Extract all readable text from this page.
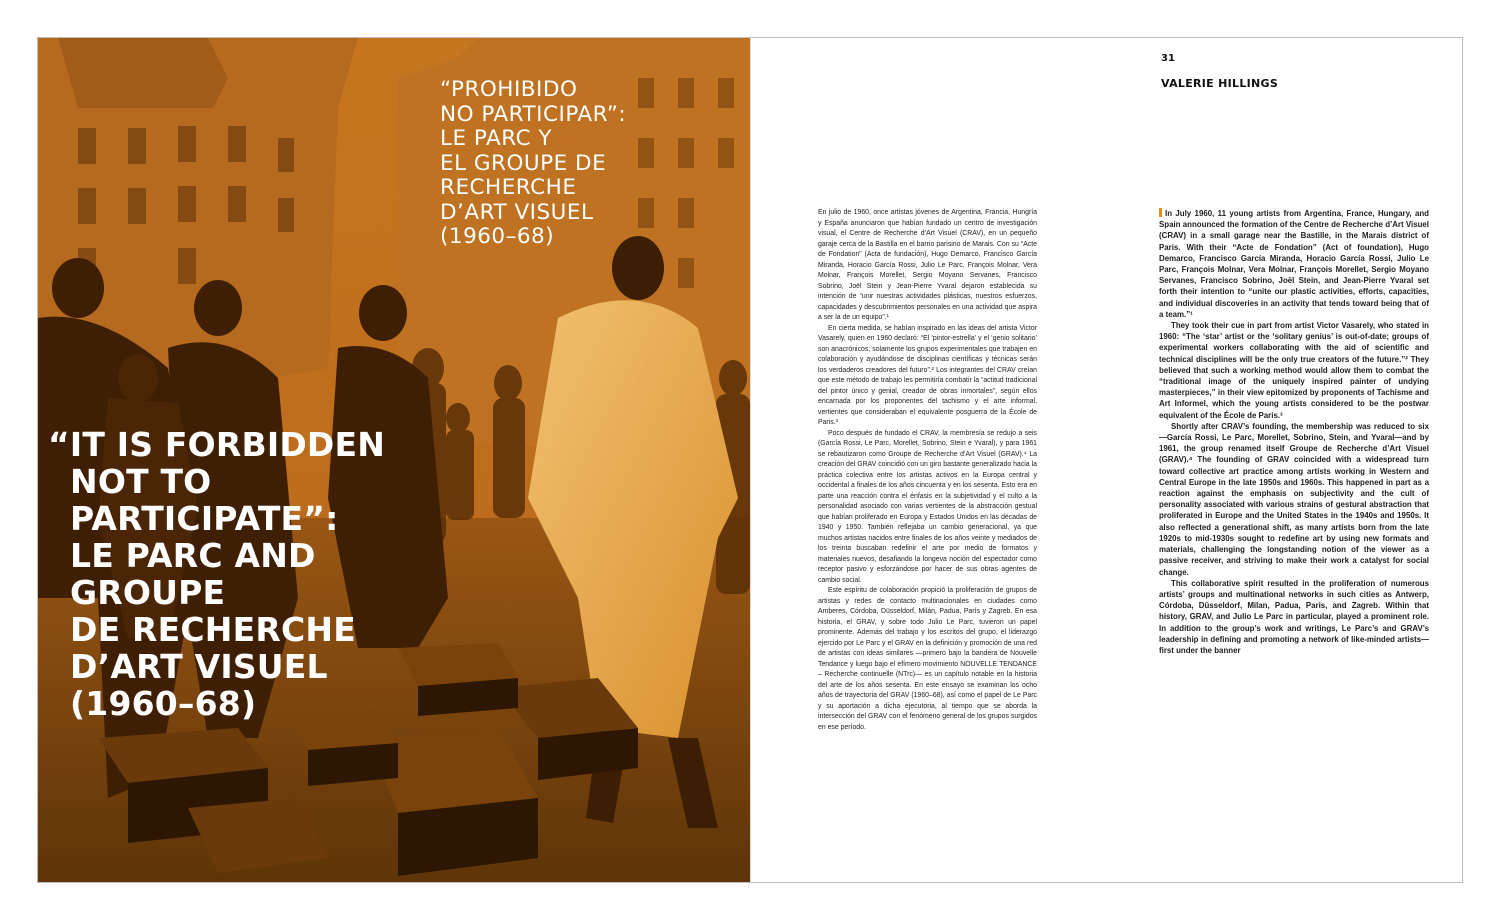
“PROHIBIDO
NO PARTICIPAR”:
LE PARC Y
EL GROUPE DE
RECHERCHE
D’ART VISUEL
(1960–68)
“IT IS FORBIDDEN
NOT TO
PARTICIPATE”:
LE PARC AND
GROUPE
DE RECHERCHE
D’ART VISUEL
(1960–68)
31
VALERIE HILLINGS

En julio de 1960, once artistas jóvenes de Argentina, Francia, Hungría y España anunciaron que habían fundado un centro de investigación visual, el Centre de Recherche d’Art Visuel (CRAV), en un pequeño garaje cerca de la Bastilla en el barrio parisino de Marais. Con su “Acte de Fondation” (Acta de fundación), Hugo Demarco, Francisco García Miranda, Horacio García Rossi, Julio Le Parc, François Molnar, Vera Molnar, François Morellet, Sergio Moyano Servanes, Francisco Sobrino, Joël Stein y Jean-Pierre Yvaral dejaron establecida su intención de “unir nuestras actividades plásticas, nuestros esfuerzos, capacidades y descubrimientos personales en una actividad que aspira a ser la de un equipo”.¹

En cierta medida, se habían inspirado en las ideas del artista Victor Vasarely, quien en 1960 declaró: “El ‘pintor-estrella’ y el ‘genio solitario’ son anacrónicos; solamente los grupos experimentales que trabajen en colaboración y ayudándose de disciplinas científicas y técnicas serán los verdaderos creadores del futuro”.² Los integrantes del CRAV creían que este método de trabajo les permitiría combatir la “actitud tradicional del pintor único y genial, creador de obras inmortales”, según ellos encarnada por los proponentes del tachismo y el arte informal, vertientes que consideraban el equivalente posguerra de la École de Paris.³

Poco después de fundado el CRAV, la membresía se redujo a seis (García Rossi, Le Parc, Morellet, Sobrino, Stein e Yvaral), y para 1961 se rebautizaron como Groupe de Recherche d’Art Visuel (GRAV).⁴ La creación del GRAV coincidió con un giro bastante generalizado hacia la práctica colectiva entre los artistas activos en la Europa central y occidental a finales de los años cincuenta y en los sesenta. Esto era en parte una reacción contra el énfasis en la subjetividad y el culto a la personalidad asociado con varias vertientes de la abstracción gestual que habían proliferado en Europa y Estados Unidos en las décadas de 1940 y 1950. También reflejaba un cambio generacional, ya que muchos artistas nacidos entre finales de los años veinte y mediados de los treinta buscaban redefinir el arte por medio de formatos y materiales nuevos, desafiando la longeva noción del espectador como receptor pasivo y esforzándose por hacer de sus obras agentes de cambio social.

Este espíritu de colaboración propició la proliferación de grupos de artistas y redes de contacto multinacionales en ciudades como Amberes, Córdoba, Düsseldorf, Milán, Padua, París y Zagreb. En esa historia, el GRAV, y sobre todo Julio Le Parc, tuvieron un papel prominente. Además del trabajo y los escritos del grupo, el liderazgo ejercido por Le Parc y el GRAV en la definición y promoción de una red de artistas con ideas similares —primero bajo la bandera de Nouvelle Tendance y luego bajo el efímero movimiento NOUVELLE TENDANCE – Recherche continuelle (NTrc)— es un capítulo notable en la historia del arte de los años sesenta. En este ensayo se examinan los ocho años de trayectoria del GRAV (1960–68), así como el papel de Le Parc y su aportación a dicha ejecutoria, al tiempo que se aborda la intersección del GRAV con el fenómeno general de los grupos surgidos en ese período.

In July 1960, 11 young artists from Argentina, France, Hungary, and Spain announced the formation of the Centre de Recherche d’Art Visuel (CRAV) in a small garage near the Bastille, in the Marais district of Paris. With their “Acte de Fondation” (Act of foundation), Hugo Demarco, Francisco García Miranda, Horacio García Rossi, Julio Le Parc, François Molnar, Vera Molnar, François Morellet, Sergio Moyano Servanes, Francisco Sobrino, Joël Stein, and Jean-Pierre Yvaral set forth their intention to “unite our plastic activities, efforts, capacities, and individual discoveries in an activity that tends toward being that of a team.”¹

They took their cue in part from artist Victor Vasarely, who stated in 1960: “The ‘star’ artist or the ‘solitary genius’ is out-of-date; groups of experimental workers collaborating with the aid of scientific and technical disciplines will be the only true creators of the future.”² They believed that such a working method would allow them to combat the “traditional image of the uniquely inspired painter of undying masterpieces,” in their view epitomized by proponents of Tachisme and Art Informel, which the young artists considered to be the postwar equivalent of the École de Paris.³

Shortly after CRAV’s founding, the membership was reduced to six—García Rossi, Le Parc, Morellet, Sobrino, Stein, and Yvaral—and by 1961, the group renamed itself Groupe de Recherche d’Art Visuel (GRAV).⁴ The founding of GRAV coincided with a widespread turn toward collective art practice among artists working in Western and Central Europe in the late 1950s and 1960s. This happened in part as a reaction against the emphasis on subjectivity and the cult of personality associated with various strains of gestural abstraction that proliferated in Europe and the United States in the 1940s and 1950s. It also reflected a generational shift, as many artists born from the late 1920s to mid-1930s sought to redefine art by using new formats and materials, challenging the longstanding notion of the viewer as a passive receiver, and striving to make their work a catalyst for social change.

This collaborative spirit resulted in the proliferation of numerous artists’ groups and multinational networks in such cities as Antwerp, Córdoba, Düsseldorf, Milan, Padua, Paris, and Zagreb. Within that history, GRAV, and Julio Le Parc in particular, played a prominent role. In addition to the group’s work and writings, Le Parc’s and GRAV’s leadership in defining and promoting a network of like-minded artists—first under the banner
